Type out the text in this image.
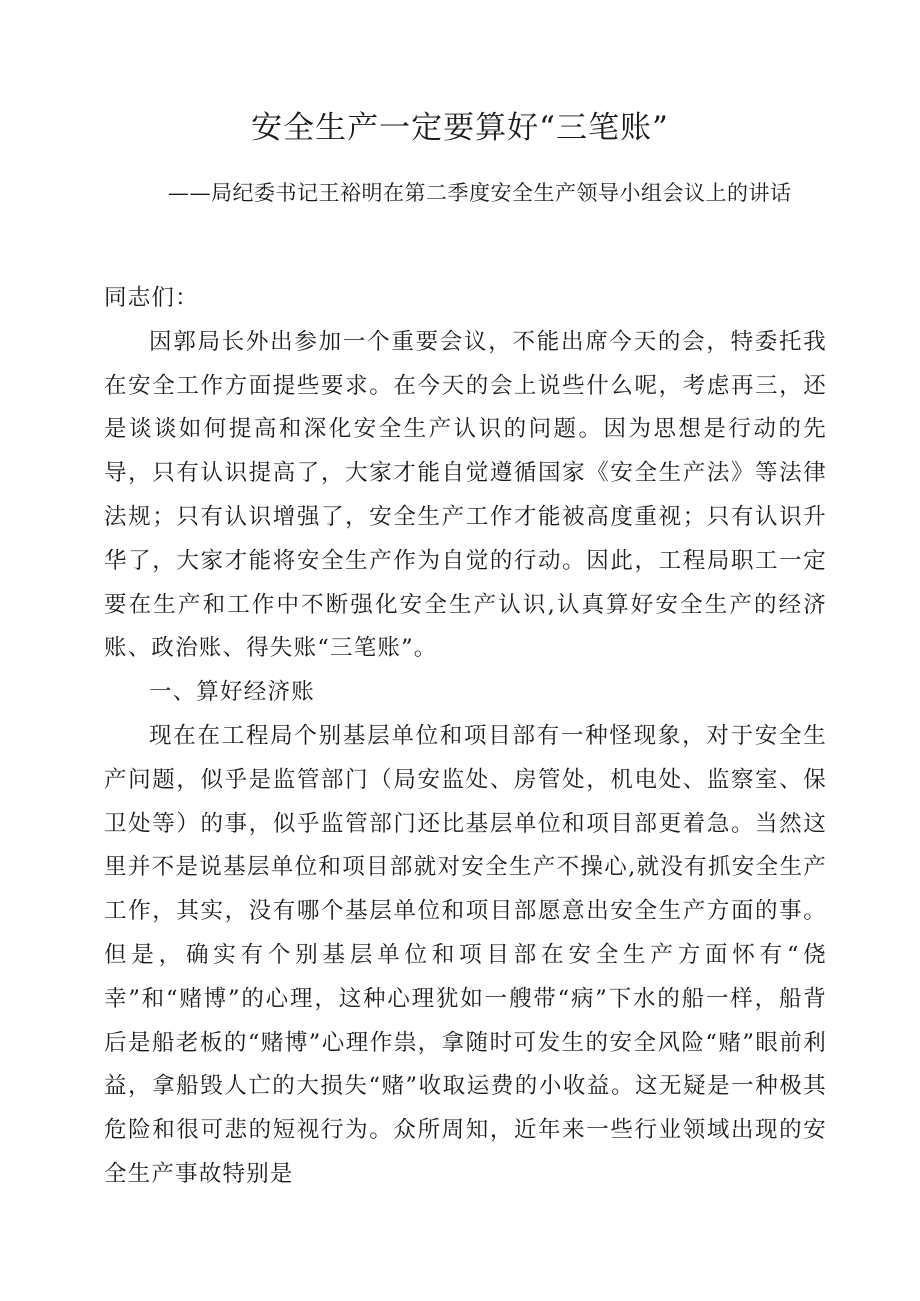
安全生产一定要算好“三笔账”
——局纪委书记王裕明在第二季度安全生产领导小组会议上的讲话

同志们：

因郭局长外出参加一个重要会议，不能出席今天的会，特委托我在安全工作方面提些要求。在今天的会上说些什么呢，考虑再三，还是谈谈如何提高和深化安全生产认识的问题。因为思想是行动的先导，只有认识提高了，大家才能自觉遵循国家《安全生产法》等法律法规；只有认识增强了，安全生产工作才能被高度重视；只有认识升华了，大家才能将安全生产作为自觉的行动。因此，工程局职工一定要在生产和工作中不断强化安全生产认识,认真算好安全生产的经济账、政治账、得失账“三笔账”。

一、算好经济账

现在在工程局个别基层单位和项目部有一种怪现象，对于安全生产问题，似乎是监管部门（局安监处、房管处，机电处、监察室、保卫处等）的事，似乎监管部门还比基层单位和项目部更着急。当然这里并不是说基层单位和项目部就对安全生产不操心,就没有抓安全生产工作，其实，没有哪个基层单位和项目部愿意出安全生产方面的事。但是，确实有个别基层单位和项目部在安全生产方面怀有“侥幸”和“赌博”的心理，这种心理犹如一艘带“病”下水的船一样，船背后是船老板的“赌博”心理作祟，拿随时可发生的安全风险“赌”眼前利益，拿船毁人亡的大损失“赌”收取运费的小收益。这无疑是一种极其危险和很可悲的短视行为。众所周知，近年来一些行业领域出现的安全生产事故特别是
